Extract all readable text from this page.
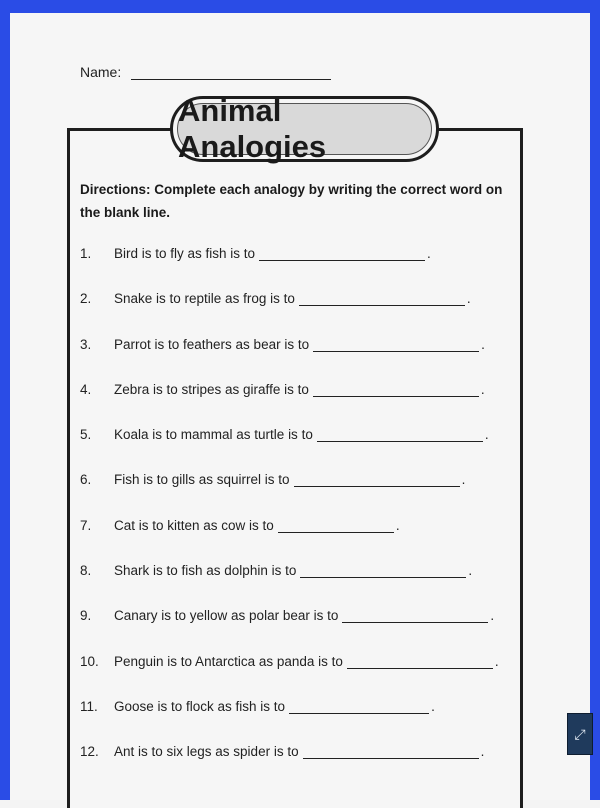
Name:
Animal Analogies
Directions: Complete each analogy by writing the correct word on the blank line.
1.	Bird is to fly as fish is to	.
2.	Snake is to reptile as frog is to	.
3.	Parrot is to feathers as bear is to	.
4.	Zebra is to stripes as giraffe is to	.
5.	Koala is to mammal as turtle is to	.
6.	Fish is to gills as squirrel is to	.
7.	Cat is to kitten as cow is to	.
8.	Shark is to fish as dolphin is to	.
9.	Canary is to yellow as polar bear is to	.
10.	Penguin is to Antarctica as panda is to	.
11.	Goose is to flock as fish is to	.
12.	Ant is to six legs as spider is to	.
⤢
